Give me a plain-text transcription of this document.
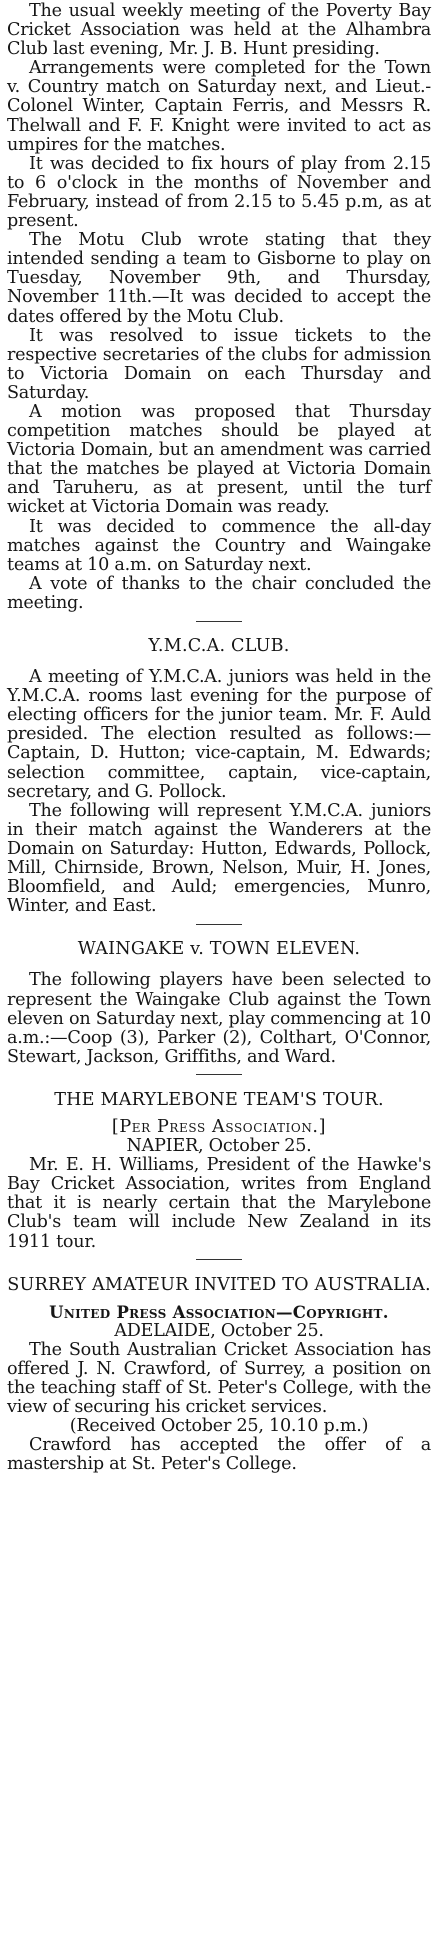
The usual weekly meeting of the Poverty Bay Cricket Association was held at the Alhambra Club last evening, Mr. J. B. Hunt presiding.

Arrangements were completed for the Town v. Country match on Saturday next, and Lieut.-Colonel Winter, Captain Ferris, and Messrs R. Thelwall and F. F. Knight were invited to act as umpires for the matches.

It was decided to fix hours of play from 2.15 to 6 o'clock in the months of November and February, instead of from 2.15 to 5.45 p.m, as at present.

The Motu Club wrote stating that they intended sending a team to Gisborne to play on Tuesday, November 9th, and Thursday, November 11th.—It was decided to accept the dates offered by the Motu Club.

It was resolved to issue tickets to the respective secretaries of the clubs for admission to Victoria Domain on each Thursday and Saturday.

A motion was proposed that Thursday competition matches should be played at Victoria Domain, but an amendment was carried that the matches be played at Victoria Domain and Taruheru, as at present, until the turf wicket at Victoria Domain was ready.

It was decided to commence the all-day matches against the Country and Waingake teams at 10 a.m. on Saturday next.

A vote of thanks to the chair concluded the meeting.

Y.M.C.A. CLUB.

A meeting of Y.M.C.A. juniors was held in the Y.M.C.A. rooms last evening for the purpose of electing officers for the junior team. Mr. F. Auld presided. The election resulted as follows:—Captain, D. Hutton; vice-captain, M. Edwards; selection committee, captain, vice-captain, secretary, and G. Pollock.

The following will represent Y.M.C.A. juniors in their match against the Wanderers at the Domain on Saturday: Hutton, Edwards, Pollock, Mill, Chirnside, Brown, Nelson, Muir, H. Jones, Bloomfield, and Auld; emergencies, Munro, Winter, and East.

WAINGAKE v. TOWN ELEVEN.

The following players have been selected to represent the Waingake Club against the Town eleven on Saturday next, play commencing at 10 a.m.:—Coop (3), Parker (2), Colthart, O'Connor, Stewart, Jackson, Griffiths, and Ward.

THE MARYLEBONE TEAM'S TOUR.

[Per Press Association.]

NAPIER, October 25.

Mr. E. H. Williams, President of the Hawke's Bay Cricket Association, writes from England that it is nearly certain that the Marylebone Club's team will include New Zealand in its 1911 tour.

SURREY AMATEUR INVITED TO AUSTRALIA.

United Press Association—Copyright.

ADELAIDE, October 25.

The South Australian Cricket Association has offered J. N. Crawford, of Surrey, a position on the teaching staff of St. Peter's College, with the view of securing his cricket services.

(Received October 25, 10.10 p.m.)

Crawford has accepted the offer of a mastership at St. Peter's College.
